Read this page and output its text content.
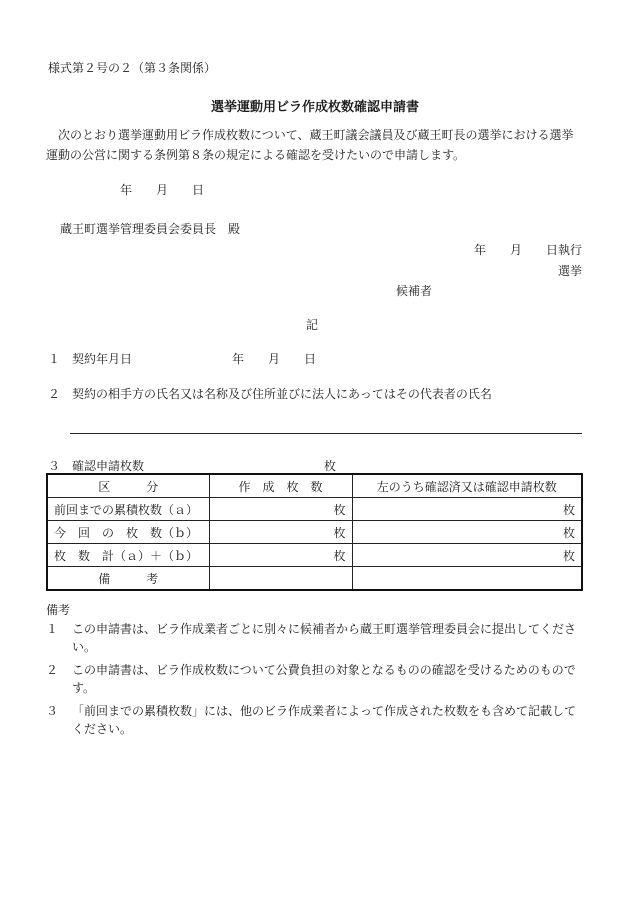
様式第２号の２（第３条関係）
選挙運動用ビラ作成枚数確認申請書
次のとおり選挙運動用ビラ作成枚数について、蔵王町議会議員及び蔵王町長の選挙における選挙運動の公営に関する条例第８条の規定による確認を受けたいので申請します。
年　　月　　日
蔵王町選挙管理委員会委員長　殿
年　　月　　日執行
選挙
候補者
記
１　契約年月日	年　　月　　日
２　契約の相手方の氏名又は名称及び住所並びに法人にあってはその代表者の氏名
３　確認申請枚数	枚
区　　　分	作　成　枚　数	左のうち確認済又は確認申請枚数
前回までの累積枚数（ａ）	枚	枚
今　回　の　枚　数（ｂ）	枚	枚
枚　数　計（ａ）＋（ｂ）	枚	枚
備　　　考		
備考
１	この申請書は、ビラ作成業者ごとに別々に候補者から蔵王町選挙管理委員会に提出してください。
２	この申請書は、ビラ作成枚数について公費負担の対象となるものの確認を受けるためのものです。
３	「前回までの累積枚数」には、他のビラ作成業者によって作成された枚数をも含めて記載してください。
